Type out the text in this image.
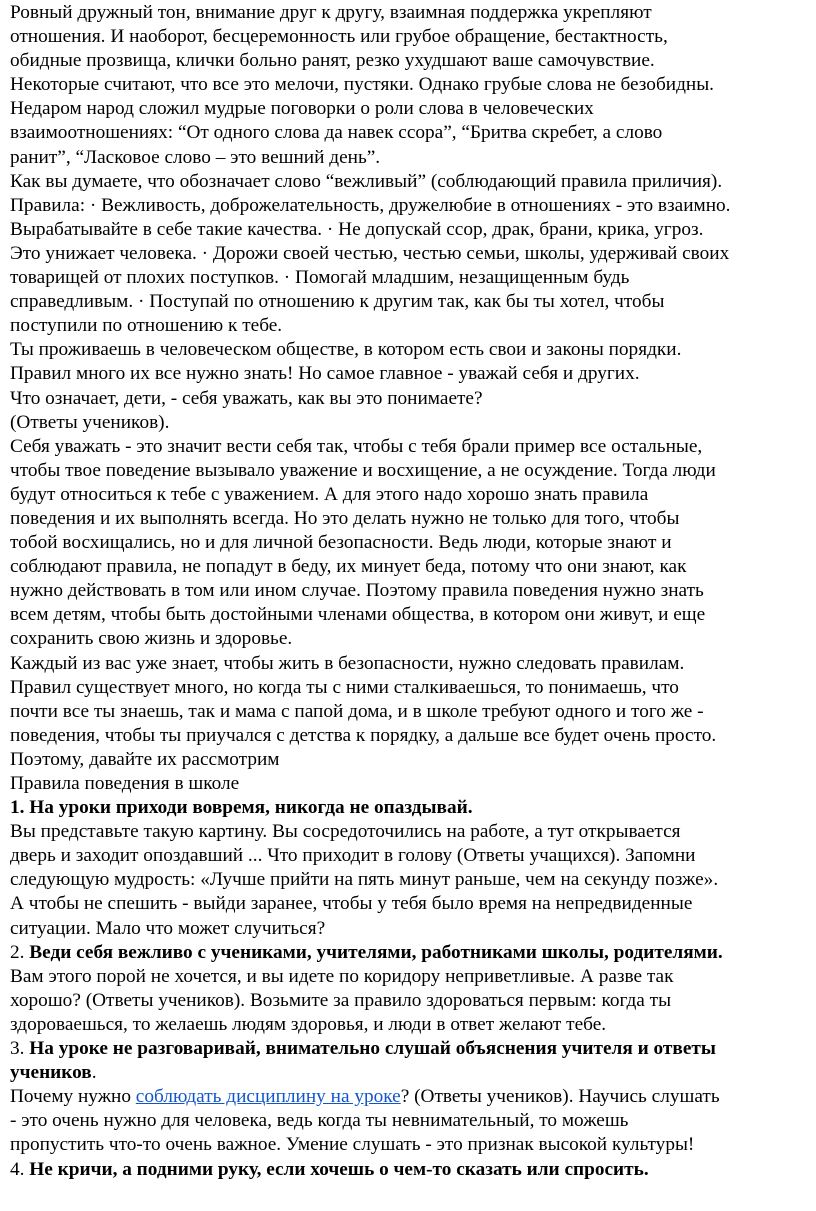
Ровный дружный тон, внимание друг к другу, взаимная поддержка укрепляют

отношения. И наоборот, бесцеремонность или грубое обращение, бестактность,

обидные прозвища, клички больно ранят, резко ухудшают ваше самочувствие.

Некоторые считают, что все это мелочи, пустяки. Однако грубые слова не безобидны.

Недаром народ сложил мудрые поговорки о роли слова в человеческих

взаимоотношениях: “От одного слова да навек ссора”, “Бритва скребет, а слово

ранит”, “Ласковое слово – это вешний день”.

Как вы думаете, что обозначает слово “вежливый” (соблюдающий правила приличия).

Правила: · Вежливость, доброжелательность, дружелюбие в отношениях - это взаимно.

Вырабатывайте в себе такие качества. · Не допускай ссор, драк, брани, крика, угроз.

Это унижает человека. · Дорожи своей честью, честью семьи, школы, удерживай своих

товарищей от плохих поступков. · Помогай младшим, незащищенным будь

справедливым. · Поступай по отношению к другим так, как бы ты хотел, чтобы

поступили по отношению к тебе.

Ты проживаешь в человеческом обществе, в котором есть свои и законы порядки.

Правил много их все нужно знать! Но самое главное - уважай себя и других.

Что означает, дети, - себя уважать, как вы это понимаете?

(Ответы учеников).

Себя уважать - это значит вести себя так, чтобы с тебя брали пример все остальные,

чтобы твое поведение вызывало уважение и восхищение, а не осуждение. Тогда люди

будут относиться к тебе с уважением. А для этого надо хорошо знать правила

поведения и их выполнять всегда. Но это делать нужно не только для того, чтобы

тобой восхищались, но и для личной безопасности. Ведь люди, которые знают и

соблюдают правила, не попадут в беду, их минует беда, потому что они знают, как

нужно действовать в том или ином случае. Поэтому правила поведения нужно знать

всем детям, чтобы быть достойными членами общества, в котором они живут, и еще

сохранить свою жизнь и здоровье.

Каждый из вас уже знает, чтобы жить в безопасности, нужно следовать правилам.

Правил существует много, но когда ты с ними сталкиваешься, то понимаешь, что

почти все ты знаешь, так и мама с папой дома, и в школе требуют одного и того же -

поведения, чтобы ты приучался с детства к порядку, а дальше все будет очень просто.

Поэтому, давайте их рассмотрим

Правила поведения в школе

1. На уроки приходи вовремя, никогда не опаздывай.

Вы представьте такую картину. Вы сосредоточились на работе, а тут открывается

дверь и заходит опоздавший ... Что приходит в голову (Ответы учащихся). Запомни

следующую мудрость: «Лучше прийти на пять минут раньше, чем на секунду позже».

А чтобы не спешить - выйди заранее, чтобы у тебя было время на непредвиденные

ситуации. Мало что может случиться?

2. Веди себя вежливо с учениками, учителями, работниками школы, родителями.

Вам этого порой не хочется, и вы идете по коридору неприветливые. А разве так

хорошо? (Ответы учеников). Возьмите за правило здороваться первым: когда ты

здороваешься, то желаешь людям здоровья, и люди в ответ желают тебе.

3. На уроке не разговаривай, внимательно слушай объяснения учителя и ответы

учеников.

Почему нужно соблюдать дисциплину на уроке? (Ответы учеников). Научись слушать

- это очень нужно для человека, ведь когда ты невнимательный, то можешь

пропустить что-то очень важное. Умение слушать - это признак высокой культуры!

4. Не кричи, а подними руку, если хочешь о чем-то сказать или спросить.
